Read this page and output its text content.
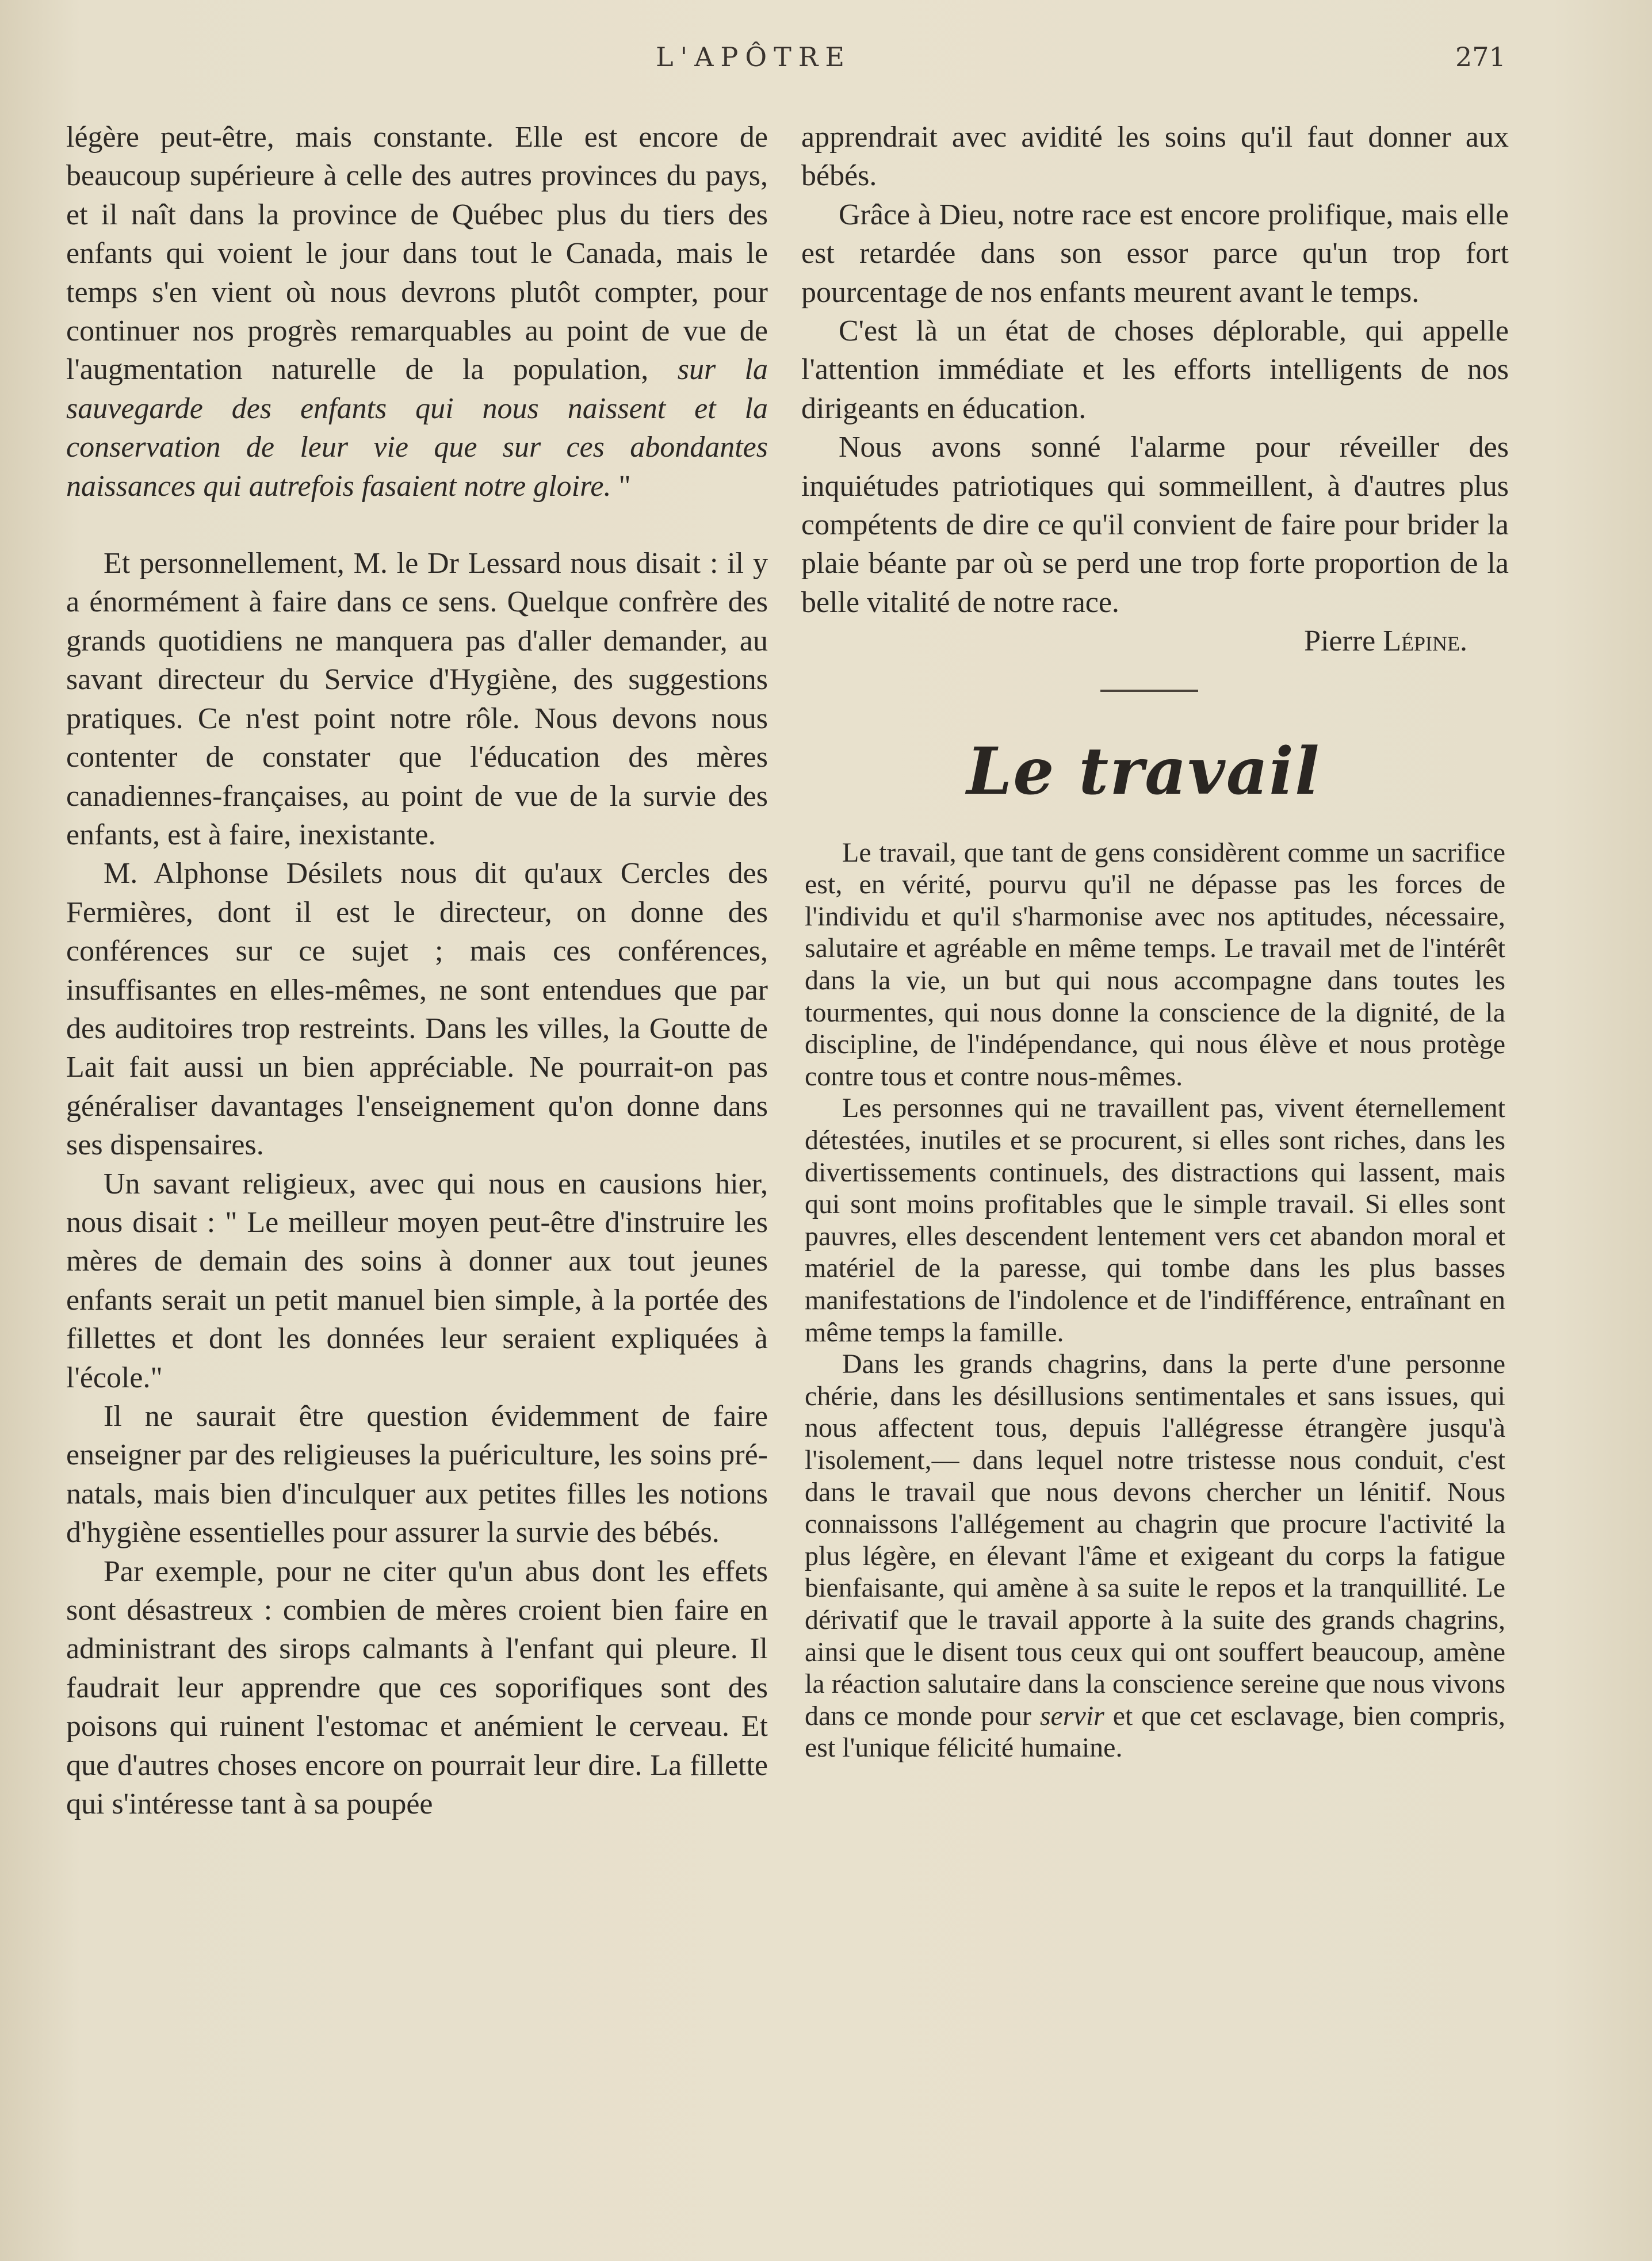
L'APÔTRE	271

légère peut-être, mais constante. Elle est encore de beaucoup supérieure à celle des autres provinces du pays, et il naît dans la province de Québec plus du tiers des enfants qui voient le jour dans tout le Canada, mais le temps s'en vient où nous devrons plutôt compter, pour continuer nos progrès remarquables au point de vue de l'augmentation naturelle de la population, sur la sauvegarde des enfants qui nous naissent et la conservation de leur vie que sur ces abondantes naissances qui autrefois fasaient notre gloire. "

Et personnellement, M. le Dr Lessard nous disait : il y a énormément à faire dans ce sens. Quelque confrère des grands quotidiens ne manquera pas d'aller demander, au savant directeur du Service d'Hygiène, des suggestions pratiques. Ce n'est point notre rôle. Nous devons nous contenter de constater que l'éducation des mères canadiennes-françaises, au point de vue de la survie des enfants, est à faire, inexistante.

M. Alphonse Désilets nous dit qu'aux Cercles des Fermières, dont il est le directeur, on donne des conférences sur ce sujet ; mais ces conférences, insuffisantes en elles-mêmes, ne sont entendues que par des auditoires trop restreints. Dans les villes, la Goutte de Lait fait aussi un bien appréciable. Ne pourrait-on pas généraliser davantages l'enseignement qu'on donne dans ses dispensaires.

Un savant religieux, avec qui nous en causions hier, nous disait : " Le meilleur moyen peut-être d'instruire les mères de demain des soins à donner aux tout jeunes enfants serait un petit manuel bien simple, à la portée des fillettes et dont les données leur seraient expliquées à l'école."

Il ne saurait être question évidemment de faire enseigner par des religieuses la puériculture, les soins pré-natals, mais bien d'inculquer aux petites filles les notions d'hygiène essentielles pour assurer la survie des bébés.

Par exemple, pour ne citer qu'un abus dont les effets sont désastreux : combien de mères croient bien faire en administrant des sirops calmants à l'enfant qui pleure. Il faudrait leur apprendre que ces soporifiques sont des poisons qui ruinent l'estomac et anémient le cerveau. Et que d'autres choses encore on pourrait leur dire. La fillette qui s'intéresse tant à sa poupée

apprendrait avec avidité les soins qu'il faut donner aux bébés.

Grâce à Dieu, notre race est encore prolifique, mais elle est retardée dans son essor parce qu'un trop fort pourcentage de nos enfants meurent avant le temps.

C'est là un état de choses déplorable, qui appelle l'attention immédiate et les efforts intelligents de nos dirigeants en éducation.

Nous avons sonné l'alarme pour réveiller des inquiétudes patriotiques qui sommeillent, à d'autres plus compétents de dire ce qu'il convient de faire pour brider la plaie béante par où se perd une trop forte proportion de la belle vitalité de notre race.

Pierre Lépine.

Le travail

Le travail, que tant de gens considèrent comme un sacrifice est, en vérité, pourvu qu'il ne dépasse pas les forces de l'individu et qu'il s'harmonise avec nos aptitudes, nécessaire, salutaire et agréable en même temps. Le travail met de l'intérêt dans la vie, un but qui nous accompagne dans toutes les tourmentes, qui nous donne la conscience de la dignité, de la discipline, de l'indépendance, qui nous élève et nous protège contre tous et contre nous-mêmes.

Les personnes qui ne travaillent pas, vivent éternellement détestées, inutiles et se procurent, si elles sont riches, dans les divertissements continuels, des distractions qui lassent, mais qui sont moins profitables que le simple travail. Si elles sont pauvres, elles descendent lentement vers cet abandon moral et matériel de la paresse, qui tombe dans les plus basses manifestations de l'indolence et de l'indifférence, entraînant en même temps la famille.

Dans les grands chagrins, dans la perte d'une personne chérie, dans les désillusions sentimentales et sans issues, qui nous affectent tous, depuis l'allégresse étrangère jusqu'à l'isolement,— dans lequel notre tristesse nous conduit, c'est dans le travail que nous devons chercher un lénitif. Nous connaissons l'allégement au chagrin que procure l'activité la plus légère, en élevant l'âme et exigeant du corps la fatigue bienfaisante, qui amène à sa suite le repos et la tranquillité. Le dérivatif que le travail apporte à la suite des grands chagrins, ainsi que le disent tous ceux qui ont souffert beaucoup, amène la réaction salutaire dans la conscience sereine que nous vivons dans ce monde pour servir et que cet esclavage, bien compris, est l'unique félicité humaine.
